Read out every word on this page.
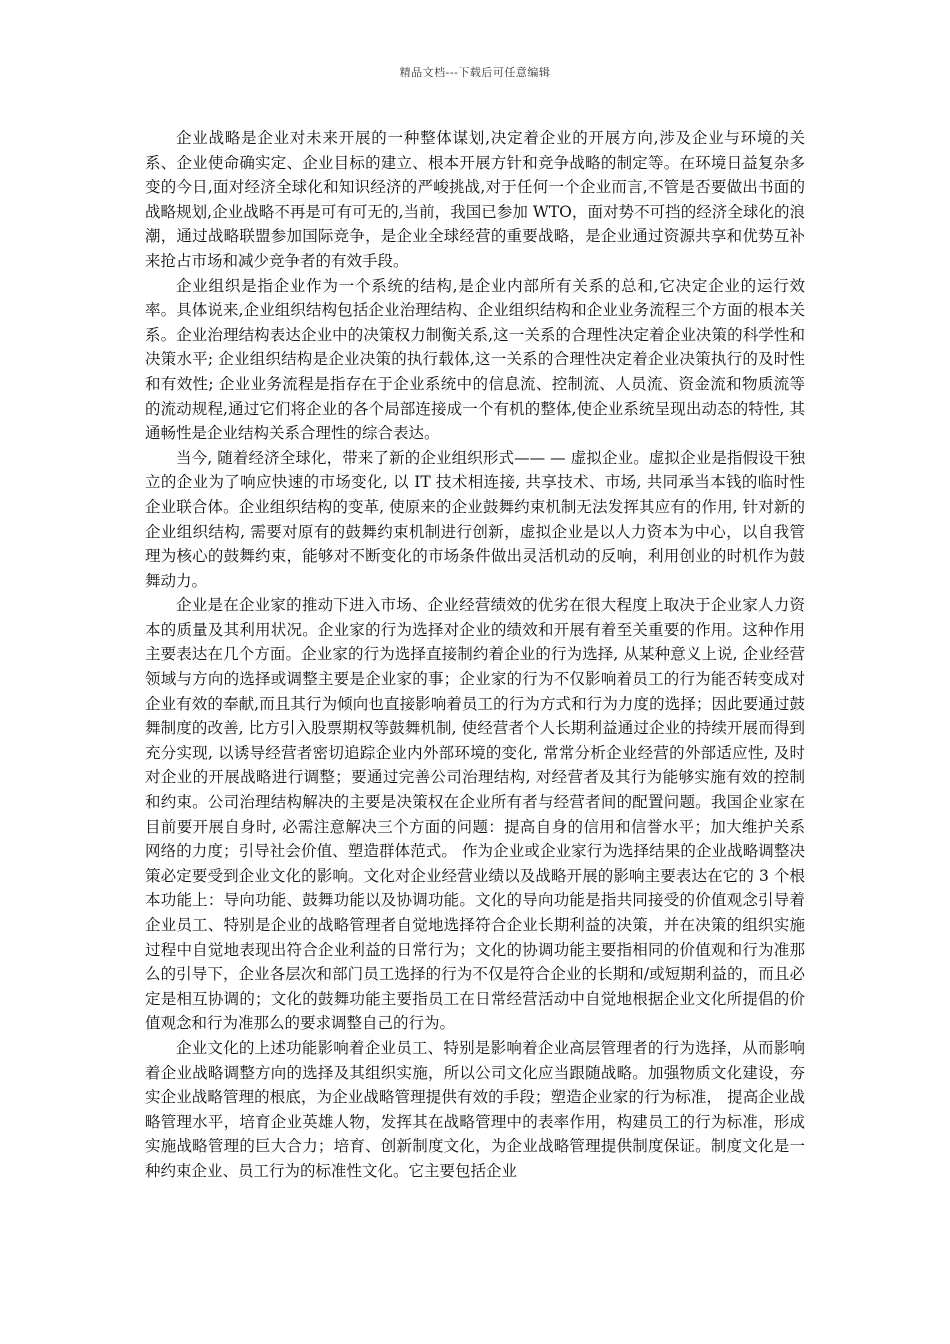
精品文档---下载后可任意编辑

企业战略是企业对未来开展的一种整体谋划,决定着企业的开展方向,涉及企业与环境的关系、企业使命确实定、企业目标的建立、根本开展方针和竞争战略的制定等。在环境日益复杂多变的今日,面对经济全球化和知识经济的严峻挑战,对于任何一个企业而言,不管是否要做出书面的战略规划,企业战略不再是可有可无的,当前，我国已参加 WTO，面对势不可挡的经济全球化的浪潮，通过战略联盟参加国际竞争，是企业全球经营的重要战略，是企业通过资源共享和优势互补来抢占市场和减少竞争者的有效手段。

企业组织是指企业作为一个系统的结构,是企业内部所有关系的总和,它决定企业的运行效率。具体说来,企业组织结构包括企业治理结构、企业组织结构和企业业务流程三个方面的根本关系。企业治理结构表达企业中的决策权力制衡关系,这一关系的合理性决定着企业决策的科学性和决策水平; 企业组织结构是企业决策的执行载体,这一关系的合理性决定着企业决策执行的及时性和有效性; 企业业务流程是指存在于企业系统中的信息流、控制流、人员流、资金流和物质流等的流动规程,通过它们将企业的各个局部连接成一个有机的整体,使企业系统呈现出动态的特性, 其通畅性是企业结构关系合理性的综合表达。

当今, 随着经济全球化，带来了新的企业组织形式—— — 虚拟企业。虚拟企业是指假设干独立的企业为了响应快速的市场变化, 以 IT 技术相连接, 共享技术、市场, 共同承当本钱的临时性企业联合体。企业组织结构的变革, 使原来的企业鼓舞约束机制无法发挥其应有的作用, 针对新的企业组织结构, 需要对原有的鼓舞约束机制进行创新，虚拟企业是以人力资本为中心，以自我管理为核心的鼓舞约束，能够对不断变化的市场条件做出灵活机动的反响，利用创业的时机作为鼓舞动力。

企业是在企业家的推动下进入市场、企业经营绩效的优劣在很大程度上取决于企业家人力资本的质量及其利用状况。企业家的行为选择对企业的绩效和开展有着至关重要的作用。这种作用主要表达在几个方面。企业家的行为选择直接制约着企业的行为选择, 从某种意义上说, 企业经营领域与方向的选择或调整主要是企业家的事；企业家的行为不仅影响着员工的行为能否转变成对企业有效的奉献,而且其行为倾向也直接影响着员工的行为方式和行为力度的选择；因此要通过鼓舞制度的改善, 比方引入股票期权等鼓舞机制, 使经营者个人长期利益通过企业的持续开展而得到充分实现, 以诱导经营者密切追踪企业内外部环境的变化, 常常分析企业经营的外部适应性, 及时对企业的开展战略进行调整；要通过完善公司治理结构, 对经营者及其行为能够实施有效的控制和约束。公司治理结构解决的主要是决策权在企业所有者与经营者间的配置问题。我国企业家在目前要开展自身时, 必需注意解决三个方面的问题：提高自身的信用和信誉水平；加大维护关系网络的力度；引导社会价值、塑造群体范式。 作为企业或企业家行为选择结果的企业战略调整决策必定要受到企业文化的影响。文化对企业经营业绩以及战略开展的影响主要表达在它的 3 个根本功能上：导向功能、鼓舞功能以及协调功能。文化的导向功能是指共同接受的价值观念引导着企业员工、特别是企业的战略管理者自觉地选择符合企业长期利益的决策，并在决策的组织实施过程中自觉地表现出符合企业利益的日常行为；文化的协调功能主要指相同的价值观和行为准那么的引导下，企业各层次和部门员工选择的行为不仅是符合企业的长期和/或短期利益的，而且必定是相互协调的；文化的鼓舞功能主要指员工在日常经营活动中自觉地根据企业文化所提倡的价值观念和行为准那么的要求调整自己的行为。

企业文化的上述功能影响着企业员工、特别是影响着企业高层管理者的行为选择，从而影响着企业战略调整方向的选择及其组织实施，所以公司文化应当跟随战略。加强物质文化建设，夯实企业战略管理的根底，为企业战略管理提供有效的手段；塑造企业家的行为标准， 提高企业战略管理水平，培育企业英雄人物，发挥其在战略管理中的表率作用，构建员工的行为标准，形成实施战略管理的巨大合力；培育、创新制度文化，为企业战略管理提供制度保证。制度文化是一种约束企业、员工行为的标准性文化。它主要包括企业
